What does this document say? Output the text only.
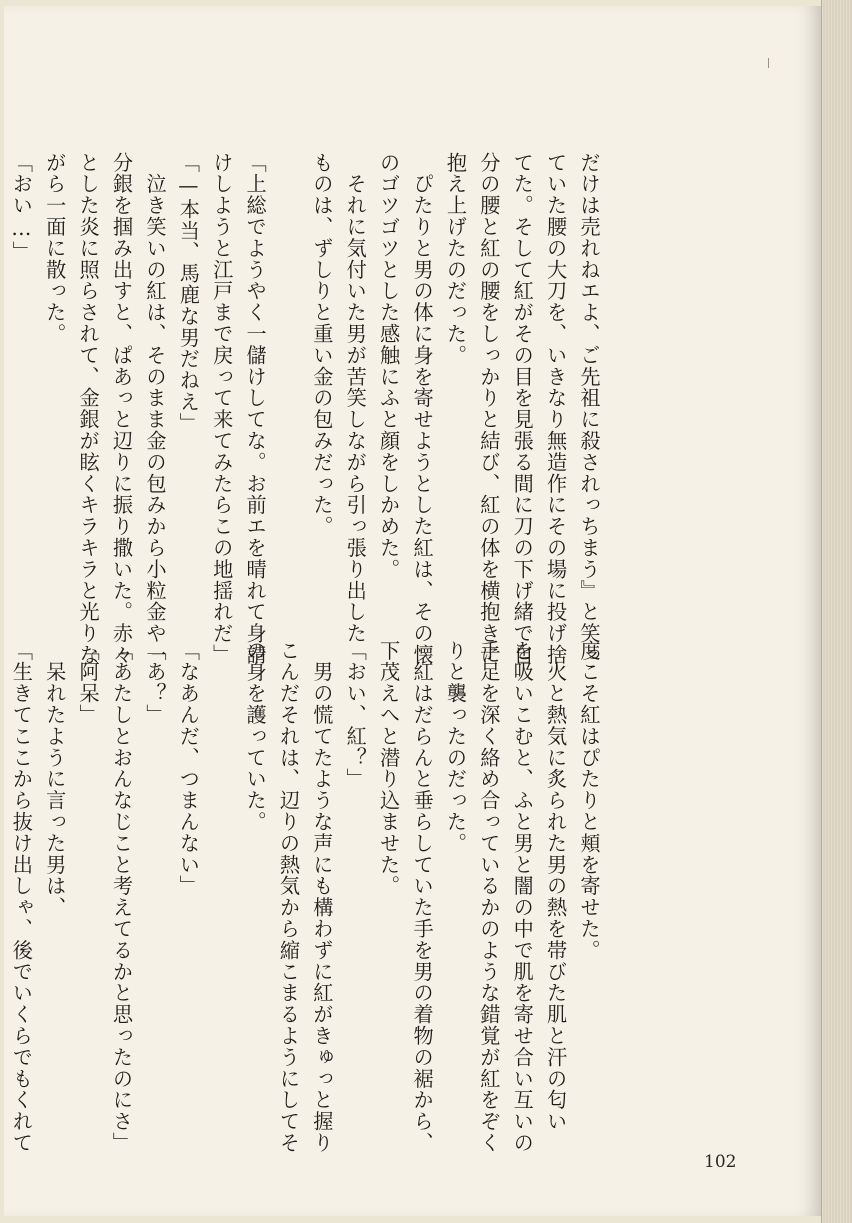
だけは売れねエよ、ご先祖に殺されっちまう』と笑っ
ていた腰の大刀を、いきなり無造作にその場に投げ捨
てた。そして紅がその目を見張る間に刀の下げ緒で自
分の腰と紅の腰をしっかりと結び、紅の体を横抱きに
抱え上げたのだった。
　ぴたりと男の体に身を寄せようとした紅は、その懐
のゴツゴツとした感触にふと顔をしかめた。
　それに気付いた男が苦笑しながら引っ張り出した
ものは、ずしりと重い金の包みだった。
「上総でようやく一儲けしてな。お前エを晴れて身請
けしようと江戸まで戻って来てみたらこの地揺れだ」
「—本当、馬鹿な男だねえ」
　泣き笑いの紅は、そのまま金の包みから小粒金や一
分銀を掴み出すと、ぱあっと辺りに振り撒いた。赤々
とした炎に照らされて、金銀が眩くキラキラと光りな
がら一面に散った。
「おい…」
度こそ紅はぴたりと頬を寄せた。
　火と熱気に炙られた男の熱を帯びた肌と汗の匂い
を吸いこむと、ふと男と闇の中で肌を寄せ合い互いの
手足を深く絡め合っているかのような錯覚が紅をぞく
りと襲ったのだった。
　紅はだらんと垂らしていた手を男の着物の裾から、
下茂えへと潜り込ませた。
「おい、紅？」
　男の慌てたような声にも構わずに紅がきゅっと握り
こんだそれは、辺りの熱気から縮こまるようにしてそ
の身を護っていた。
「なあんだ、つまんない」
「あ？」
「あたしとおんなじこと考えてるかと思ったのにさ」
「阿呆」
　呆れたように言った男は、
「生きてここから抜け出しゃ、後でいくらでもくれて
102
